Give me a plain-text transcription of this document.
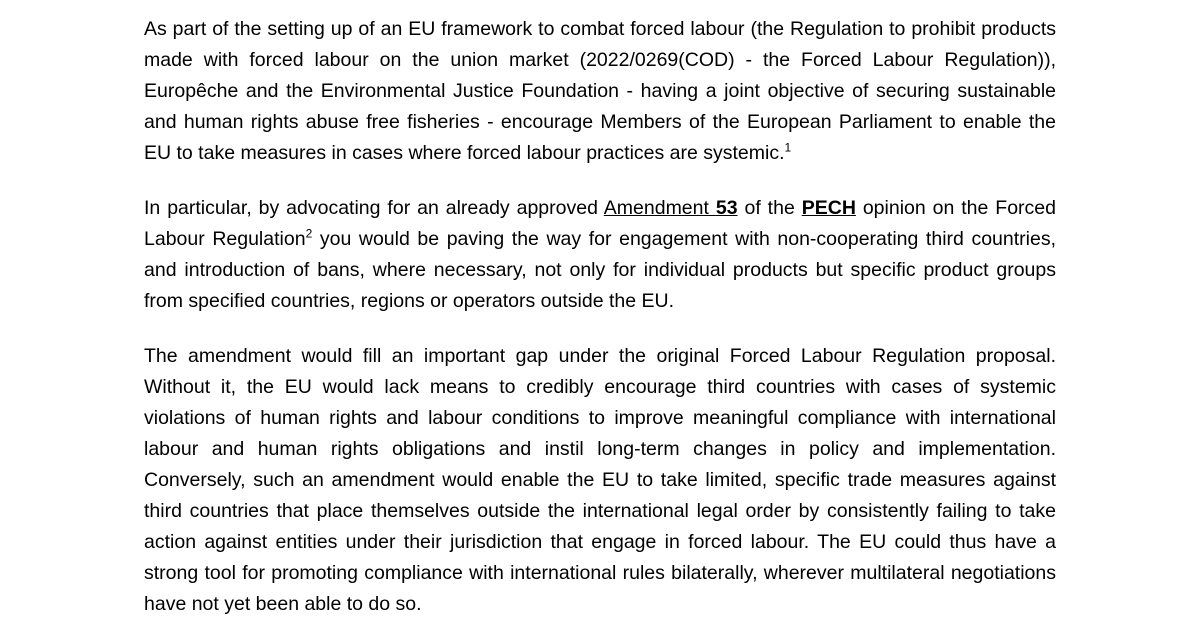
As part of the setting up of an EU framework to combat forced labour (the Regulation to prohibit products made with forced labour on the union market (2022/0269(COD) - the Forced Labour Regulation)), Europêche and the Environmental Justice Foundation - having a joint objective of securing sustainable and human rights abuse free fisheries - encourage Members of the European Parliament to enable the EU to take measures in cases where forced labour practices are systemic.$^1$

In particular, by advocating for an already approved Amendment 53 of the PECH opinion on the Forced Labour Regulation$^2$ you would be paving the way for engagement with non-cooperating third countries, and introduction of bans, where necessary, not only for individual products but specific product groups from specified countries, regions or operators outside the EU.

The amendment would fill an important gap under the original Forced Labour Regulation proposal. Without it, the EU would lack means to credibly encourage third countries with cases of systemic violations of human rights and labour conditions to improve meaningful compliance with international labour and human rights obligations and instil long-term changes in policy and implementation. Conversely, such an amendment would enable the EU to take limited, specific trade measures against third countries that place themselves outside the international legal order by consistently failing to take action against entities under their jurisdiction that engage in forced labour. The EU could thus have a strong tool for promoting compliance with international rules bilaterally, wherever multilateral negotiations have not yet been able to do so.
